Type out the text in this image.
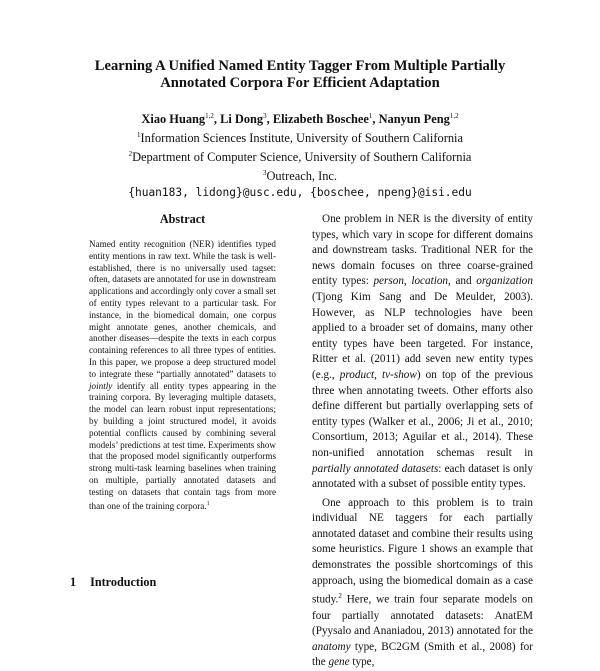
Learning A Unified Named Entity Tagger From Multiple Partially
Annotated Corpora For Efficient Adaptation
Xiao Huang$^{1,2}$, Li Dong$^3$, Elizabeth Boschee$^1$, Nanyun Peng$^{1,2}$
$^1$Information Sciences Institute, University of Southern California
$^2$Department of Computer Science, University of Southern California
$^3$Outreach, Inc.
{huan183, lidong}@usc.edu, {boschee, npeng}@isi.edu
Abstract

Named entity recognition (NER) identifies typed entity mentions in raw text. While the task is well-established, there is no universally used tagset: often, datasets are annotated for use in downstream applications and accordingly only cover a small set of entity types relevant to a particular task. For instance, in the biomedical domain, one corpus might annotate genes, another chemicals, and another diseases—despite the texts in each corpus containing references to all three types of entities. In this paper, we propose a deep structured model to integrate these “partially annotated” datasets to jointly identify all entity types appearing in the training corpora. By leveraging multiple datasets, the model can learn robust input representations; by building a joint structured model, it avoids potential conflicts caused by combining several models’ predictions at test time. Experiments show that the proposed model significantly outperforms strong multi-task learning baselines when training on multiple, partially annotated datasets and testing on datasets that contain tags from more than one of the training corpora.$^1$

1 Introduction

One problem in NER is the diversity of entity types, which vary in scope for different domains and downstream tasks. Traditional NER for the news domain focuses on three coarse-grained entity types: person, location, and organization (Tjong Kim Sang and De Meulder, 2003). However, as NLP technologies have been applied to a broader set of domains, many other entity types have been targeted. For instance, Ritter et al. (2011) add seven new entity types (e.g., product, tv-show) on top of the previous three when annotating tweets. Other efforts also define different but partially overlapping sets of entity types (Walker et al., 2006; Ji et al., 2010; Consortium, 2013; Aguilar et al., 2014). These non-unified annotation schemas result in partially annotated datasets: each dataset is only annotated with a subset of possible entity types.

One approach to this problem is to train individual NE taggers for each partially annotated dataset and combine their results using some heuristics. Figure 1 shows an example that demonstrates the possible shortcomings of this approach, using the biomedical domain as a case study.$^2$ Here, we train four separate models on four partially annotated datasets: AnatEM (Pyysalo and Ananiadou, 2013) annotated for the anatomy type, BC2GM (Smith et al., 2008) for the gene type,
